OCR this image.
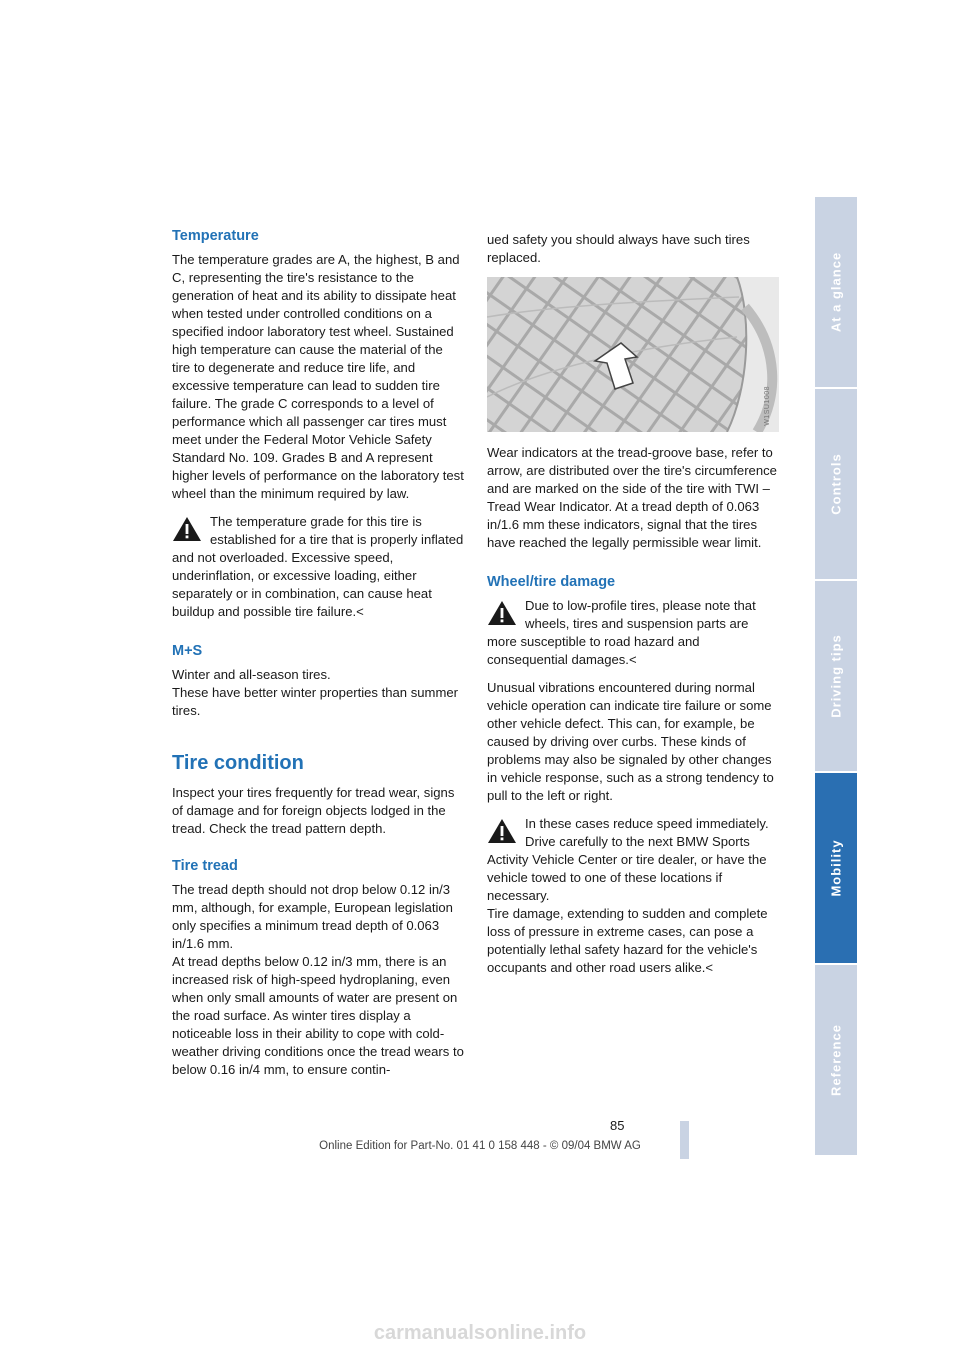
Temperature

The temperature grades are A, the highest, B and C, representing the tire's resistance to the generation of heat and its ability to dissipate heat when tested under controlled conditions on a specified indoor laboratory test wheel. Sustained high temperature can cause the material of the tire to degenerate and reduce tire life, and excessive temperature can lead to sudden tire failure. The grade C corresponds to a level of performance which all passenger car tires must meet under the Federal Motor Vehicle Safety Standard No. 109. Grades B and A represent higher levels of performance on the laboratory test wheel than the minimum required by law.

The temperature grade for this tire is established for a tire that is properly inflated and not overloaded. Excessive speed, underinflation, or excessive loading, either separately or in combination, can cause heat buildup and possible tire failure.<
M+S

Winter and all-season tires.

These have better winter properties than summer tires.

Tire condition

Inspect your tires frequently for tread wear, signs of damage and for foreign objects lodged in the tread. Check the tread pattern depth.

Tire tread

The tread depth should not drop below 0.12 in/3 mm, although, for example, European legislation only specifies a minimum tread depth of 0.063 in/1.6 mm.

At tread depths below 0.12 in/3 mm, there is an increased risk of high-speed hydroplaning, even when only small amounts of water are present on the road surface. As winter tires display a noticeable loss in their ability to cope with cold-weather driving conditions once the tread wears to below 0.16 in/4 mm, to ensure contin-

ued safety you should always have such tires replaced.

W1SU1008

Wear indicators at the tread-groove base, refer to arrow, are distributed over the tire's circumference and are marked on the side of the tire with TWI – Tread Wear Indicator. At a tread depth of 0.063 in/1.6 mm these indicators, signal that the tires have reached the legally permissible wear limit.

Wheel/tire damage
Due to low-profile tires, please note that wheels, tires and suspension parts are more susceptible to road hazard and consequential damages.<

Unusual vibrations encountered during normal vehicle operation can indicate tire failure or some other vehicle defect. This can, for example, be caused by driving over curbs. These kinds of problems may also be signaled by other changes in vehicle response, such as a strong tendency to pull to the left or right.

In these cases reduce speed immediately. Drive carefully to the next BMW Sports Activity Vehicle Center or tire dealer, or have the vehicle towed to one of these locations if necessary.

Tire damage, extending to sudden and complete loss of pressure in extreme cases, can pose a potentially lethal safety hazard for the vehicle's occupants and other road users alike.<

At a glance
Controls
Driving tips
Mobility
Reference
85
Online Edition for Part-No. 01 41 0 158 448 - © 09/04 BMW AG
carmanualsonline.info
